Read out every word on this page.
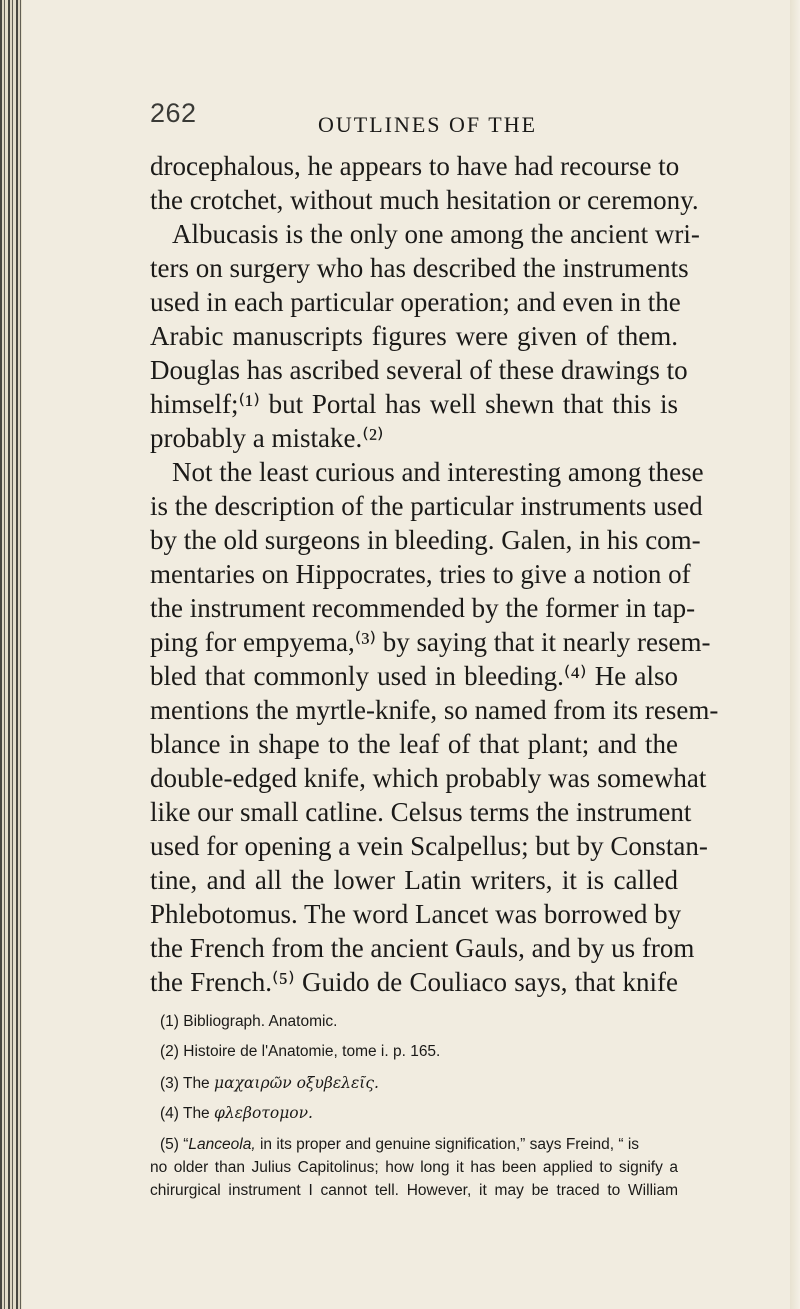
262	OUTLINES OF THE
drocephalous, he appears to have had recourse to
the crotchet, without much hesitation or ceremony.
Albucasis is the only one among the ancient wri-
ters on surgery who has described the instruments
used in each particular operation; and even in the
Arabic manuscripts figures were given of them.
Douglas has ascribed several of these drawings to
himself;⁽¹⁾ but Portal has well shewn that this is
probably a mistake.⁽²⁾
Not the least curious and interesting among these
is the description of the particular instruments used
by the old surgeons in bleeding. Galen, in his com-
mentaries on Hippocrates, tries to give a notion of
the instrument recommended by the former in tap-
ping for empyema,⁽³⁾ by saying that it nearly resem-
bled that commonly used in bleeding.⁽⁴⁾ He also
mentions the myrtle-knife, so named from its resem-
blance in shape to the leaf of that plant; and the
double-edged knife, which probably was somewhat
like our small catline. Celsus terms the instrument
used for opening a vein Scalpellus; but by Constan-
tine, and all the lower Latin writers, it is called
Phlebotomus. The word Lancet was borrowed by
the French from the ancient Gauls, and by us from
the French.⁽⁵⁾ Guido de Couliaco says, that knife
(1) Bibliograph. Anatomic.
(2) Histoire de l'Anatomie, tome i. p. 165.
(3) The μαχαιρῶν οξυβελεῖς.
(4) The φλεβοτομον.
(5) “Lanceola, in its proper and genuine signification,” says Freind, “ is
no older than Julius Capitolinus; how long it has been applied to signify a
chirurgical instrument I cannot tell. However, it may be traced to William
